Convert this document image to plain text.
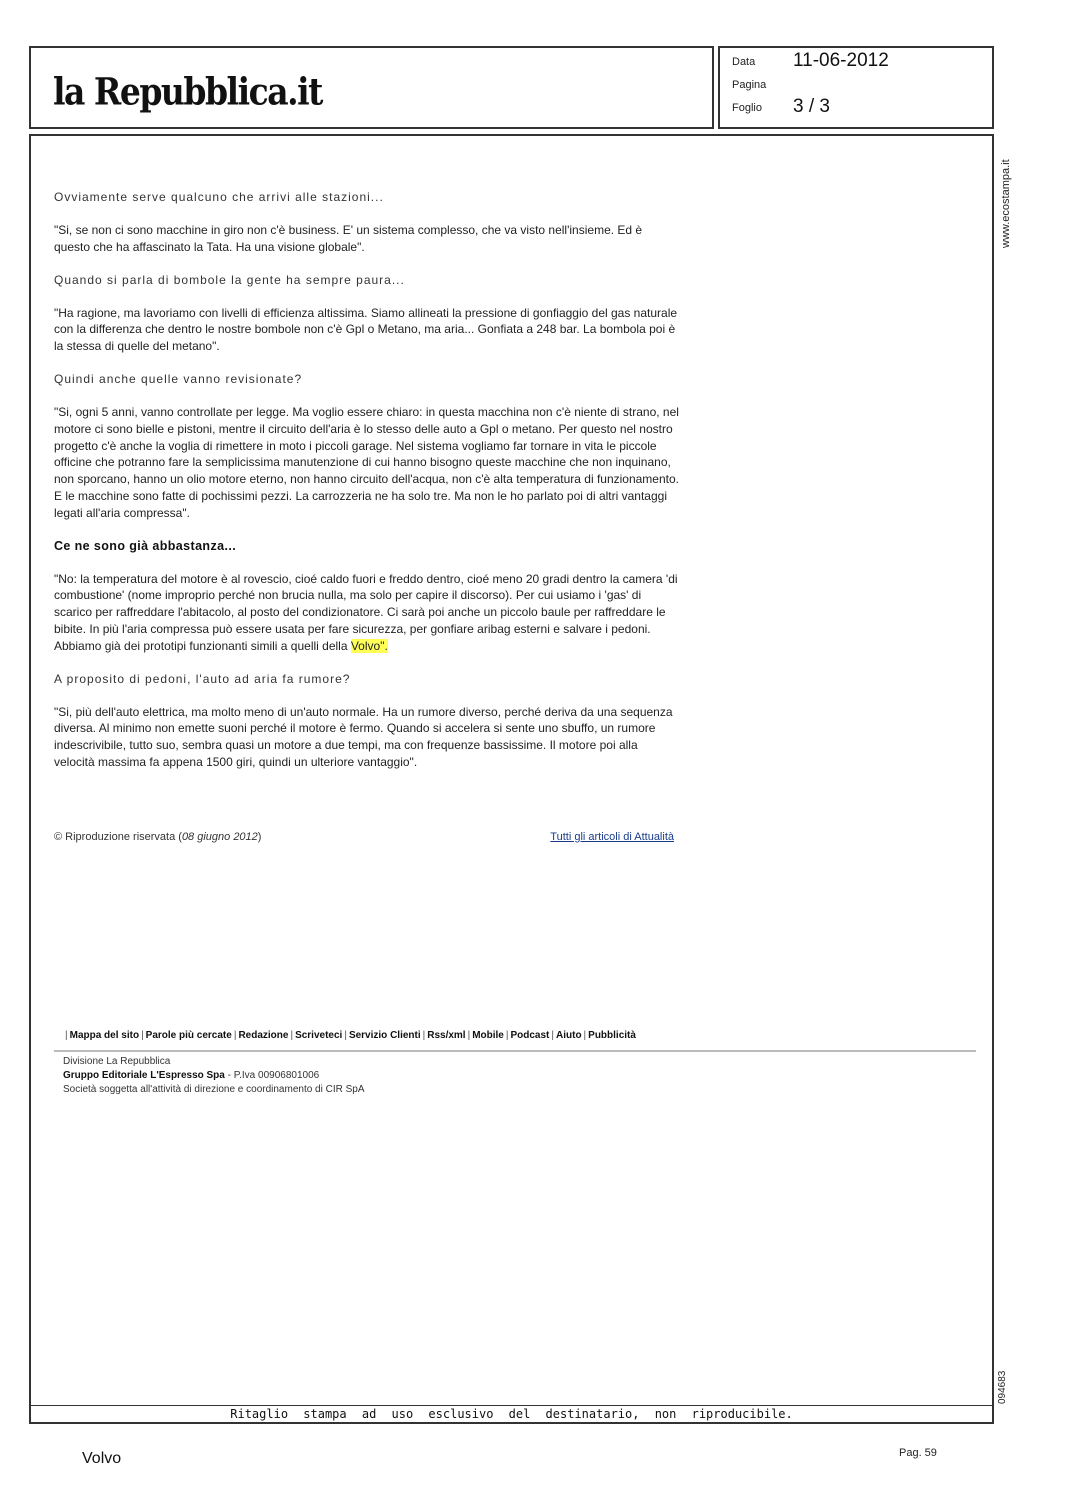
la Repubblica.it
Data 11-06-2012
Pagina
Foglio 3 / 3
www.ecostampa.it
094683

Ovviamente serve qualcuno che arrivi alle stazioni...

"Si, se non ci sono macchine in giro non c'è business. E' un sistema complesso, che va visto nell'insieme. Ed è questo che ha affascinato la Tata. Ha una visione globale".

Quando si parla di bombole la gente ha sempre paura...

"Ha ragione, ma lavoriamo con livelli di efficienza altissima. Siamo allineati la pressione di gonfiaggio del gas naturale con la differenza che dentro le nostre bombole non c'è Gpl o Metano, ma aria... Gonfiata a 248 bar. La bombola poi è la stessa di quelle del metano".

Quindi anche quelle vanno revisionate?

"Si, ogni 5 anni, vanno controllate per legge. Ma voglio essere chiaro: in questa macchina non c'è niente di strano, nel motore ci sono bielle e pistoni, mentre il circuito dell'aria è lo stesso delle auto a Gpl o metano. Per questo nel nostro progetto c'è anche la voglia di rimettere in moto i piccoli garage. Nel sistema vogliamo far tornare in vita le piccole officine che potranno fare la semplicissima manutenzione di cui hanno bisogno queste macchine che non inquinano, non sporcano, hanno un olio motore eterno, non hanno circuito dell'acqua, non c'è alta temperatura di funzionamento. E le macchine sono fatte di pochissimi pezzi. La carrozzeria ne ha solo tre. Ma non le ho parlato poi di altri vantaggi legati all'aria compressa".

Ce ne sono già abbastanza...

"No: la temperatura del motore è al rovescio, cioé caldo fuori e freddo dentro, cioé meno 20 gradi dentro la camera 'di combustione' (nome improprio perché non brucia nulla, ma solo per capire il discorso). Per cui usiamo i 'gas' di scarico per raffreddare l'abitacolo, al posto del condizionatore. Ci sarà poi anche un piccolo baule per raffreddare le bibite. In più l'aria compressa può essere usata per fare sicurezza, per gonfiare aribag esterni e salvare i pedoni. Abbiamo già dei prototipi funzionanti simili a quelli della Volvo".

A proposito di pedoni, l'auto ad aria fa rumore?

"Si, più dell'auto elettrica, ma molto meno di un'auto normale. Ha un rumore diverso, perché deriva da una sequenza diversa. Al minimo non emette suoni perché il motore è fermo. Quando si accelera si sente uno sbuffo, un rumore indescrivibile, tutto suo, sembra quasi un motore a due tempi, ma con frequenze bassissime. Il motore poi alla velocità massima fa appena 1500 giri, quindi un ulteriore vantaggio".

© Riproduzione riservata (08 giugno 2012)	Tutti gli articoli di Attualità
| Mappa del sito | Parole più cercate | Redazione | Scriveteci | Servizio Clienti | Rss/xml | Mobile | Podcast | Aiuto | Pubblicità
Divisione La Repubblica
Gruppo Editoriale L'Espresso Spa - P.Iva 00906801006
Società soggetta all'attività di direzione e coordinamento di CIR SpA
Ritaglio stampa ad uso esclusivo del destinatario, non riproducibile.
Volvo	Pag. 59
